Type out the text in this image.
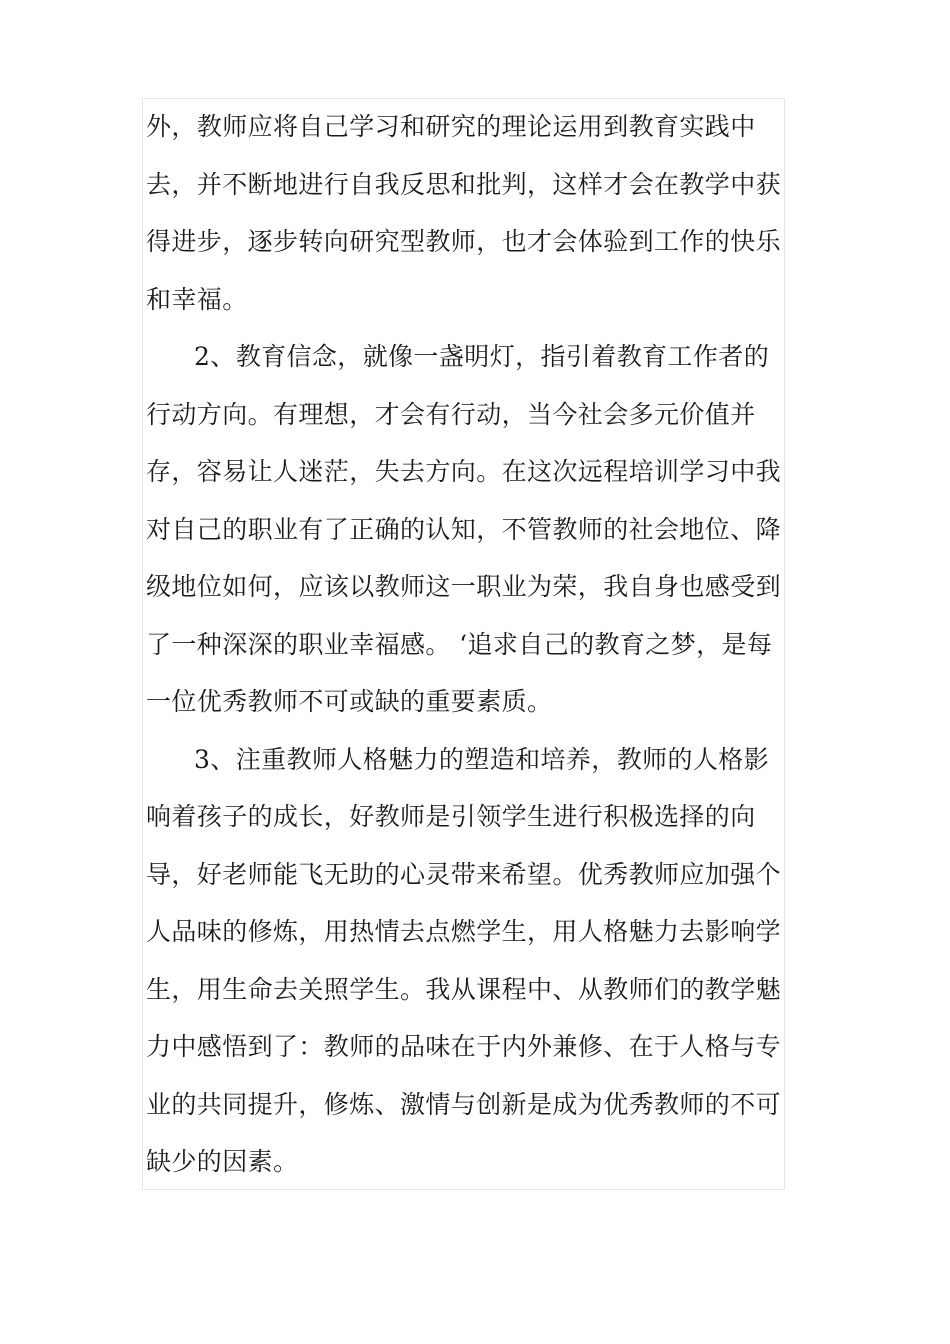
外，教师应将自己学习和研究的理论运用到教育实践中
去，并不断地进行自我反思和批判，这样才会在教学中获
得进步，逐步转向研究型教师，也才会体验到工作的快乐
和幸福。
2、教育信念，就像一盏明灯，指引着教育工作者的
行动方向。有理想，才会有行动，当今社会多元价值并
存，容易让人迷茫，失去方向。在这次远程培训学习中我
对自己的职业有了正确的认知，不管教师的社会地位、降
级地位如何，应该以教师这一职业为荣，我自身也感受到
了一种深深的职业幸福感。 ‘追求自己的教育之梦，是每
一位优秀教师不可或缺的重要素质。
3、注重教师人格魅力的塑造和培养，教师的人格影
响着孩子的成长，好教师是引领学生进行积极选择的向
导，好老师能飞无助的心灵带来希望。优秀教师应加强个
人品味的修炼，用热情去点燃学生，用人格魅力去影响学
生，用生命去关照学生。我从课程中、从教师们的教学魅
力中感悟到了：教师的品味在于内外兼修、在于人格与专
业的共同提升，修炼、激情与创新是成为优秀教师的不可
缺少的因素。
